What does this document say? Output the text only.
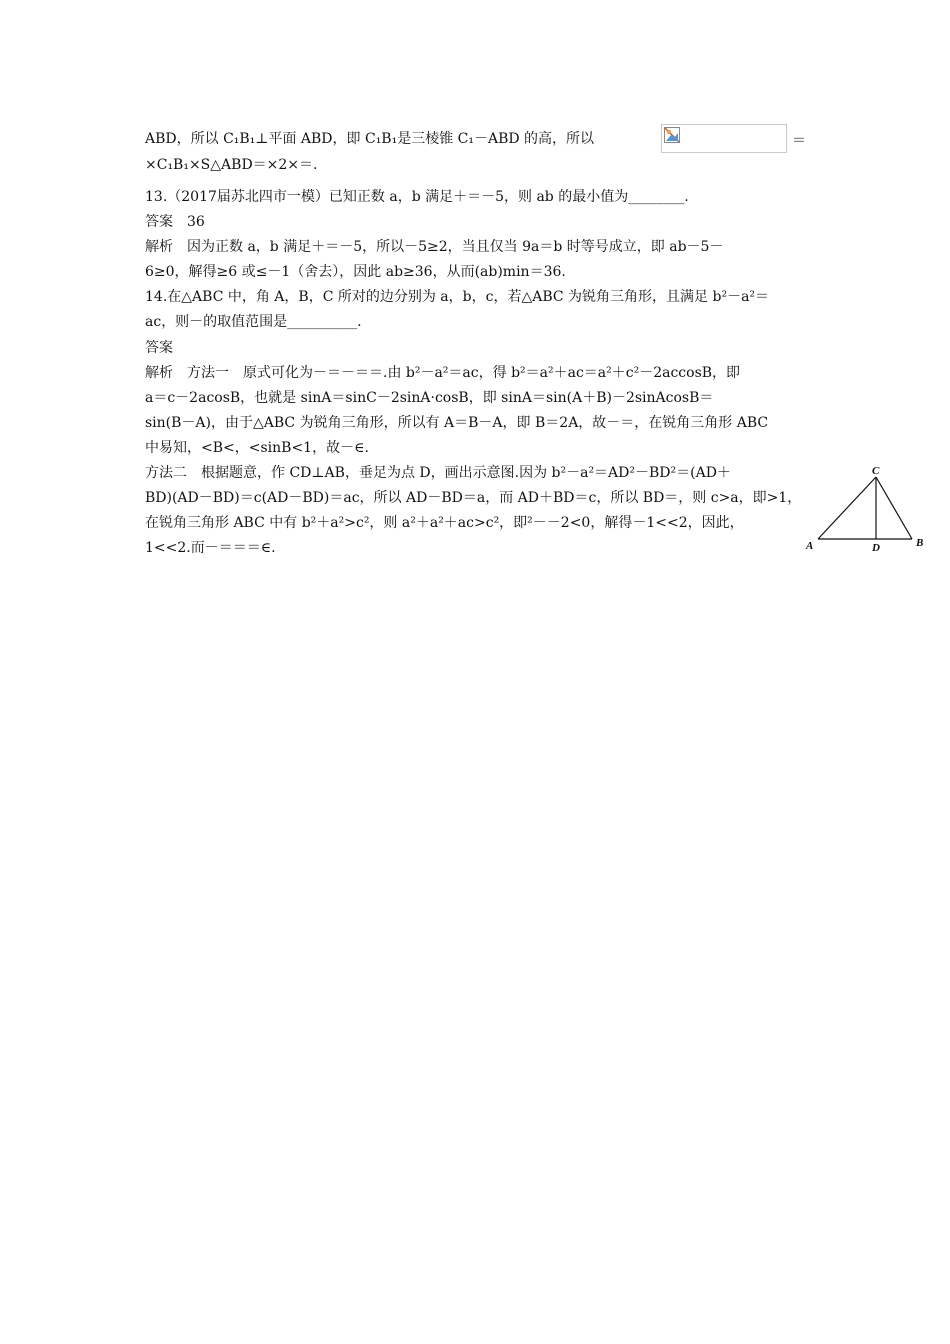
ABD，所以 C₁B₁⊥平面 ABD，即 C₁B₁是三棱锥 C₁－ABD 的高，所以	＝
×C₁B₁×S△ABD＝×2×＝.
13.（2017届苏北四市一模）已知正数 a，b 满足＋＝－5，则 ab 的最小值为________.
答案　36
解析　因为正数 a，b 满足＋＝－5，所以－5≥2，当且仅当 9a＝b 时等号成立，即 ab－5－
6≥0，解得≥6 或≤－1（舍去），因此 ab≥36，从而(ab)min＝36.
14.在△ABC 中，角 A，B，C 所对的边分别为 a，b，c，若△ABC 为锐角三角形，且满足 b²－a²＝
ac，则－的取值范围是__________.
答案
解析　方法一　原式可化为－＝－＝＝.由 b²－a²＝ac，得 b²＝a²＋ac＝a²＋c²－2accosB，即
a＝c－2acosB，也就是 sinA＝sinC－2sinA·cosB，即 sinA＝sin(A＋B)－2sinAcosB＝
sin(B－A)，由于△ABC 为锐角三角形，所以有 A＝B－A，即 B＝2A，故－＝，在锐角三角形 ABC
中易知，<B<，<sinB<1，故－∈.
方法二　根据题意，作 CD⊥AB，垂足为点 D，画出示意图.因为 b²－a²＝AD²－BD²＝(AD＋
BD)(AD－BD)＝c(AD－BD)＝ac，所以 AD－BD＝a，而 AD＋BD＝c，所以 BD＝，则 c>a，即>1，
在锐角三角形 ABC 中有 b²＋a²>c²，则 a²＋a²＋ac>c²，即²－－2<0，解得－1<<2，因此，
1<<2.而－＝＝＝∈.
C
A	D	B
